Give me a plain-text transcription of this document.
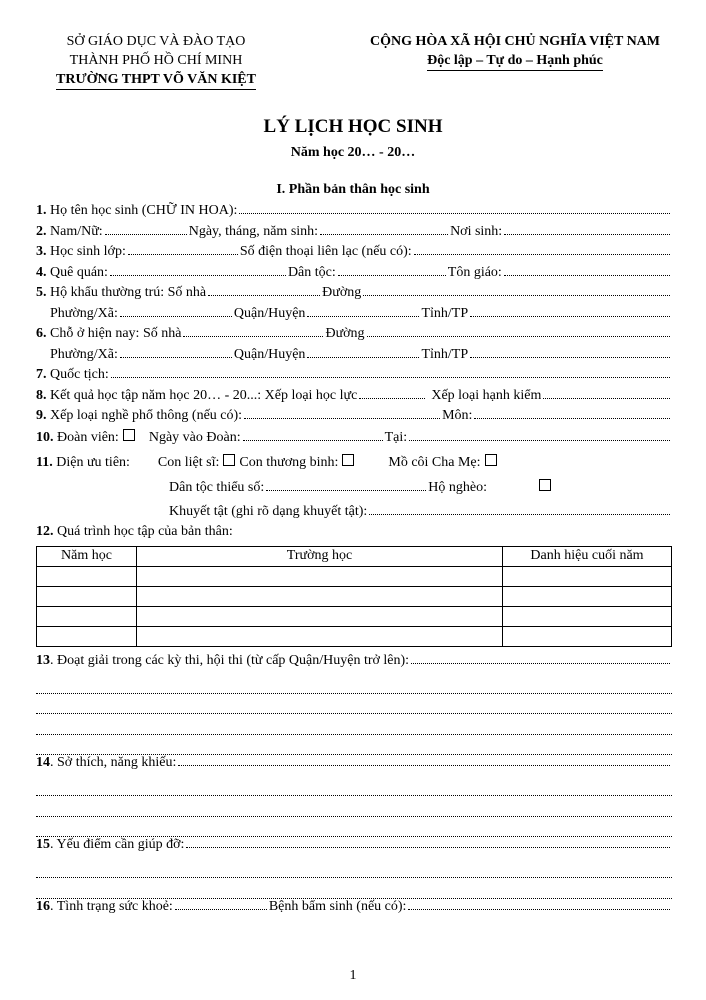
SỞ GIÁO DỤC VÀ ĐÀO TẠO
THÀNH PHỐ HỒ CHÍ MINH
TRƯỜNG THPT VÕ VĂN KIỆT
CỘNG HÒA XÃ HỘI CHỦ NGHĨA VIỆT NAM
Độc lập – Tự do – Hạnh phúc
LÝ LỊCH HỌC SINH
Năm học 20… - 20…
I. Phần bản thân học sinh
1.
Họ tên học sinh (CHỮ IN HOA):
2.
Nam/Nữ:	Ngày, tháng, năm sinh:	Nơi sinh:
3.
Học sinh lớp:	Số điện thoại liên lạc (nếu có):
4.
Quê quán:	Dân tộc:	Tôn giáo:
5.
Hộ khẩu thường trú: Số nhà	Đường
Phường/Xã:	Quận/Huyện	Tỉnh/TP
6.
Chỗ ở hiện nay: Số nhà	Đường
Phường/Xã:	Quận/Huyện	Tỉnh/TP
7.
Quốc tịch:
8.
Kết quả học tập năm học 20… - 20...: Xếp loại học lực	Xếp loại hạnh kiểm
9.
Xếp loại nghề phổ thông (nếu có):	Môn:
10.
Đoàn viên: Ngày vào Đoàn:	Tại:
11.
Diện ưu tiên: Con liệt sĩ: Con thương binh:	Mồ côi Cha Mẹ:
Dân tộc thiểu số:	Hộ nghèo:
Khuyết tật (ghi rõ dạng khuyết tật):
12.
Quá trình học tập của bản thân:
Năm học	Trường học	Danh hiệu cuối năm

13 . Đoạt giải trong các kỳ thi, hội thi (từ cấp Quận/Huyện trở lên):
14 . Sở thích, năng khiếu:
15 . Yếu điểm cần giúp đỡ:
16 . Tình trạng sức khoẻ:	Bệnh bẩm sinh (nếu có):
1
